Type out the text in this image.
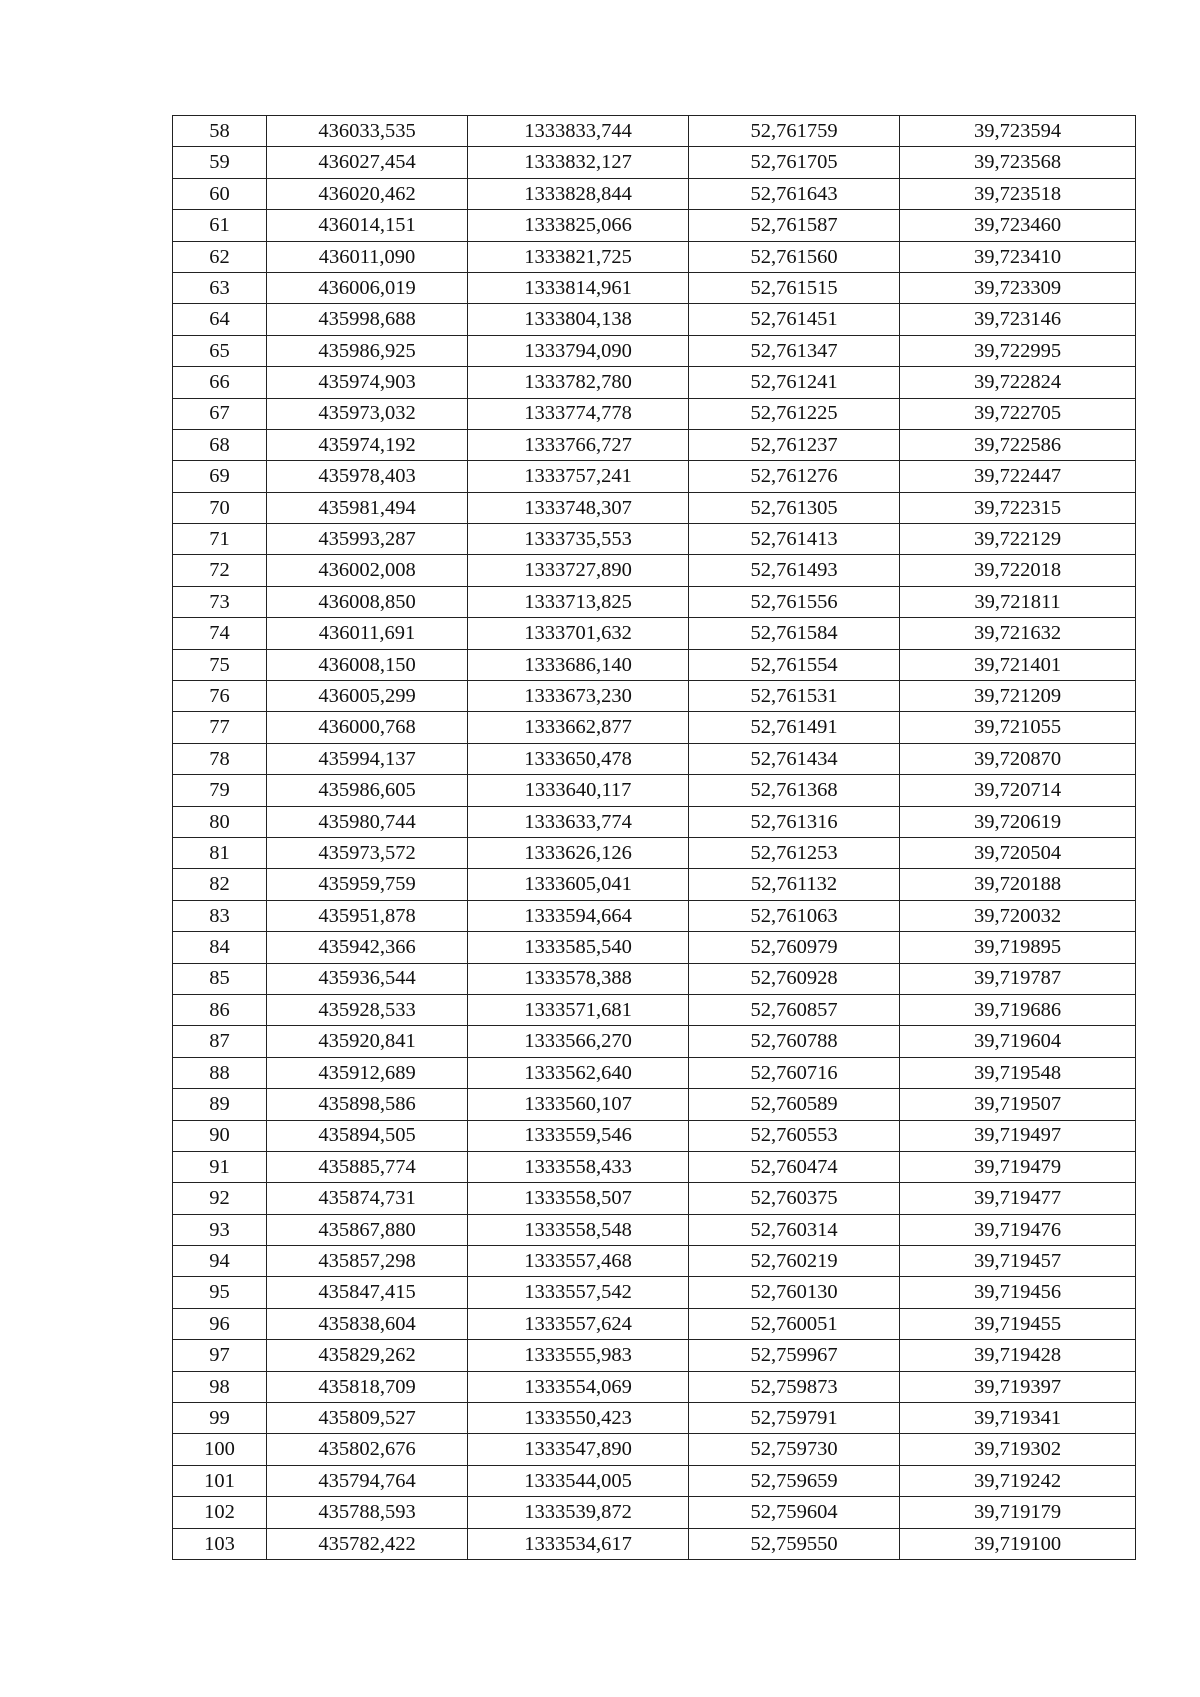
58	436033,535	1333833,744	52,761759	39,723594
59	436027,454	1333832,127	52,761705	39,723568
60	436020,462	1333828,844	52,761643	39,723518
61	436014,151	1333825,066	52,761587	39,723460
62	436011,090	1333821,725	52,761560	39,723410
63	436006,019	1333814,961	52,761515	39,723309
64	435998,688	1333804,138	52,761451	39,723146
65	435986,925	1333794,090	52,761347	39,722995
66	435974,903	1333782,780	52,761241	39,722824
67	435973,032	1333774,778	52,761225	39,722705
68	435974,192	1333766,727	52,761237	39,722586
69	435978,403	1333757,241	52,761276	39,722447
70	435981,494	1333748,307	52,761305	39,722315
71	435993,287	1333735,553	52,761413	39,722129
72	436002,008	1333727,890	52,761493	39,722018
73	436008,850	1333713,825	52,761556	39,721811
74	436011,691	1333701,632	52,761584	39,721632
75	436008,150	1333686,140	52,761554	39,721401
76	436005,299	1333673,230	52,761531	39,721209
77	436000,768	1333662,877	52,761491	39,721055
78	435994,137	1333650,478	52,761434	39,720870
79	435986,605	1333640,117	52,761368	39,720714
80	435980,744	1333633,774	52,761316	39,720619
81	435973,572	1333626,126	52,761253	39,720504
82	435959,759	1333605,041	52,761132	39,720188
83	435951,878	1333594,664	52,761063	39,720032
84	435942,366	1333585,540	52,760979	39,719895
85	435936,544	1333578,388	52,760928	39,719787
86	435928,533	1333571,681	52,760857	39,719686
87	435920,841	1333566,270	52,760788	39,719604
88	435912,689	1333562,640	52,760716	39,719548
89	435898,586	1333560,107	52,760589	39,719507
90	435894,505	1333559,546	52,760553	39,719497
91	435885,774	1333558,433	52,760474	39,719479
92	435874,731	1333558,507	52,760375	39,719477
93	435867,880	1333558,548	52,760314	39,719476
94	435857,298	1333557,468	52,760219	39,719457
95	435847,415	1333557,542	52,760130	39,719456
96	435838,604	1333557,624	52,760051	39,719455
97	435829,262	1333555,983	52,759967	39,719428
98	435818,709	1333554,069	52,759873	39,719397
99	435809,527	1333550,423	52,759791	39,719341
100	435802,676	1333547,890	52,759730	39,719302
101	435794,764	1333544,005	52,759659	39,719242
102	435788,593	1333539,872	52,759604	39,719179
103	435782,422	1333534,617	52,759550	39,719100
